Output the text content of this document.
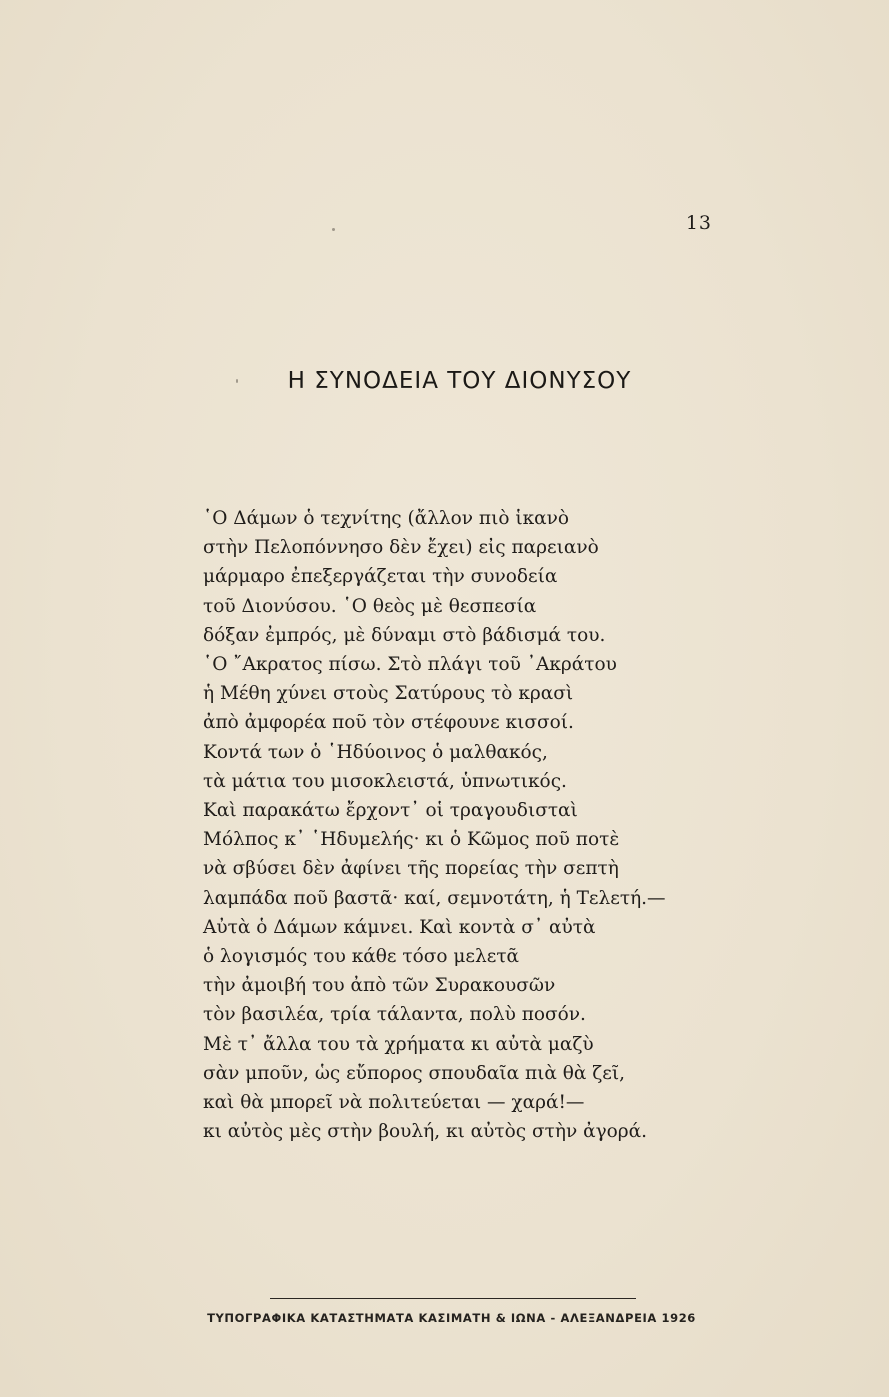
13
Η ΣΥΝΟΔΕΙΑ ΤΟΥ ΔΙΟΝΥΣΟΥ
῾Ο Δάμων ὁ τεχνίτης (ἄλλον πιὸ ἱκανὸ
στὴν Πελοπόννησο δὲν ἔχει) εἰς παρειανὸ
μάρμαρο ἐπεξεργάζεται τὴν συνοδεία
τοῦ Διονύσου. ῾Ο θεὸς μὲ θεσπεσία
δόξαν ἐμπρός, μὲ δύναμι στὸ βάδισμά του.
῾Ο ῎Ακρατος πίσω. Στὸ πλάγι τοῦ ᾿Ακράτου
ἡ Μέθη χύνει στοὺς Σατύρους τὸ κρασὶ
ἀπὸ ἀμφορέα ποῦ τὸν στέφουνε κισσοί.
Κοντά των ὁ ῾Ηδύοινος ὁ μαλθακός,
τὰ μάτια του μισοκλειστά, ὑπνωτικός.
Καὶ παρακάτω ἔρχοντ᾿ οἱ τραγουδισταὶ
Μόλπος κ᾿ ῾Ηδυμελής· κι ὁ Κῶμος ποῦ ποτὲ
νὰ σβύσει δὲν ἀφίνει τῆς πορείας τὴν σεπτὴ
λαμπάδα ποῦ βαστᾶ· καί, σεμνοτάτη, ἡ Τελετή.—
Αὐτὰ ὁ Δάμων κάμνει. Καὶ κοντὰ σ᾿ αὐτὰ
ὁ λογισμός του κάθε τόσο μελετᾶ
τὴν ἀμοιβή του ἀπὸ τῶν Συρακουσῶν
τὸν βασιλέα, τρία τάλαντα, πολὺ ποσόν.
Μὲ τ᾿ ἄλλα του τὰ χρήματα κι αὐτὰ μαζὺ
σὰν μποῦν, ὡς εὔπορος σπουδαῖα πιὰ θὰ ζεῖ,
καὶ θὰ μπορεῖ νὰ πολιτεύεται — χαρά!—
κι αὐτὸς μὲς στὴν βουλή, κι αὐτὸς στὴν ἀγορά.
ΤΥΠΟΓΡΑΦΙΚΑ ΚΑΤΑΣΤΗΜΑΤΑ ΚΑΣΙΜΑΤΗ & ΙΩΝΑ - ΑΛΕΞΑΝΔΡΕΙΑ 1926
